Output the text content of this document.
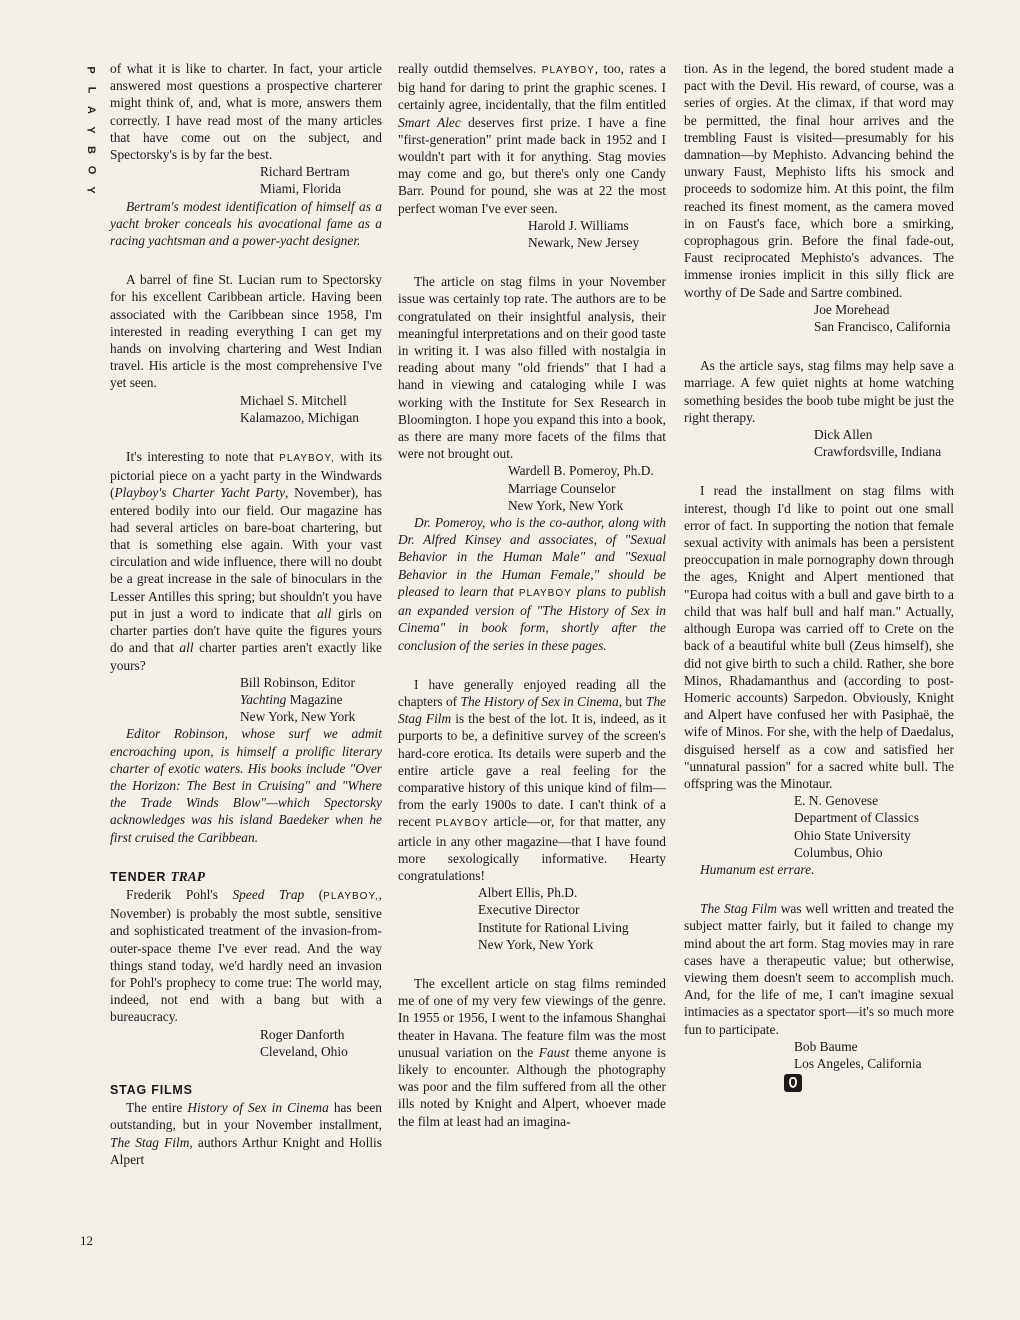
P
L
A
Y
B
O
Y
12

of what it is like to charter. In fact, your article answered most questions a prospective charterer might think of, and, what is more, answers them correctly. I have read most of the many articles that have come out on the subject, and Spectorsky's is by far the best.

Richard Bertram

Miami, Florida

Bertram's modest identification of himself as a yacht broker conceals his avocational fame as a racing yachtsman and a power-yacht designer.

A barrel of fine St. Lucian rum to Spectorsky for his excellent Caribbean article. Having been associated with the Caribbean since 1958, I'm interested in reading everything I can get my hands on involving chartering and West Indian travel. His article is the most comprehensive I've yet seen.

Michael S. Mitchell

Kalamazoo, Michigan

It's interesting to note that PLAYBOY, with its pictorial piece on a yacht party in the Windwards (Playboy's Charter Yacht Party, November), has entered bodily into our field. Our magazine has had several articles on bare-boat chartering, but that is something else again. With your vast circulation and wide influence, there will no doubt be a great increase in the sale of binoculars in the Lesser Antilles this spring; but shouldn't you have put in just a word to indicate that all girls on charter parties don't have quite the figures yours do and that all charter parties aren't exactly like yours?

Bill Robinson, Editor

Yachting Magazine

New York, New York

Editor Robinson, whose surf we admit encroaching upon, is himself a prolific literary charter of exotic waters. His books include "Over the Horizon: The Best in Cruising" and "Where the Trade Winds Blow"—which Spectorsky acknowledges was his island Baedeker when he first cruised the Caribbean.

TENDER TRAP

Frederik Pohl's Speed Trap (PLAYBOY,, November) is probably the most subtle, sensitive and sophisticated treatment of the invasion-from-outer-space theme I've ever read. And the way things stand today, we'd hardly need an invasion for Pohl's prophecy to come true: The world may, indeed, not end with a bang but with a bureaucracy.

Roger Danforth

Cleveland, Ohio

STAG FILMS

The entire History of Sex in Cinema has been outstanding, but in your November installment, The Stag Film, authors Arthur Knight and Hollis Alpert

really outdid themselves. PLAYBOY, too, rates a big hand for daring to print the graphic scenes. I certainly agree, incidentally, that the film entitled Smart Alec deserves first prize. I have a fine "first-generation" print made back in 1952 and I wouldn't part with it for anything. Stag movies may come and go, but there's only one Candy Barr. Pound for pound, she was at 22 the most perfect woman I've ever seen.

Harold J. Williams

Newark, New Jersey

The article on stag films in your November issue was certainly top rate. The authors are to be congratulated on their insightful analysis, their meaningful interpretations and on their good taste in writing it. I was also filled with nostalgia in reading about many "old friends" that I had a hand in viewing and cataloging while I was working with the Institute for Sex Research in Bloomington. I hope you expand this into a book, as there are many more facets of the films that were not brought out.

Wardell B. Pomeroy, Ph.D.

Marriage Counselor

New York, New York

Dr. Pomeroy, who is the co-author, along with Dr. Alfred Kinsey and associates, of "Sexual Behavior in the Human Male" and "Sexual Behavior in the Human Female," should be pleased to learn that PLAYBOY plans to publish an expanded version of "The History of Sex in Cinema" in book form, shortly after the conclusion of the series in these pages.

I have generally enjoyed reading all the chapters of The History of Sex in Cinema, but The Stag Film is the best of the lot. It is, indeed, as it purports to be, a definitive survey of the screen's hard-core erotica. Its details were superb and the entire article gave a real feeling for the comparative history of this unique kind of film—from the early 1900s to date. I can't think of a recent PLAYBOY article—or, for that matter, any article in any other magazine—that I have found more sexologically informative. Hearty congratulations!

Albert Ellis, Ph.D.

Executive Director

Institute for Rational Living

New York, New York

The excellent article on stag films reminded me of one of my very few viewings of the genre. In 1955 or 1956, I went to the infamous Shanghai theater in Havana. The feature film was the most unusual variation on the Faust theme anyone is likely to encounter. Although the photography was poor and the film suffered from all the other ills noted by Knight and Alpert, whoever made the film at least had an imagina-

tion. As in the legend, the bored student made a pact with the Devil. His reward, of course, was a series of orgies. At the climax, if that word may be permitted, the final hour arrives and the trembling Faust is visited—presumably for his damnation—by Mephisto. Advancing behind the unwary Faust, Mephisto lifts his smock and proceeds to sodomize him. At this point, the film reached its finest moment, as the camera moved in on Faust's face, which bore a smirking, coprophagous grin. Before the final fade-out, Faust reciprocated Mephisto's advances. The immense ironies implicit in this silly flick are worthy of De Sade and Sartre combined.

Joe Morehead

San Francisco, California

As the article says, stag films may help save a marriage. A few quiet nights at home watching something besides the boob tube might be just the right therapy.

Dick Allen

Crawfordsville, Indiana

I read the installment on stag films with interest, though I'd like to point out one small error of fact. In supporting the notion that female sexual activity with animals has been a persistent preoccupation in male pornography down through the ages, Knight and Alpert mentioned that "Europa had coitus with a bull and gave birth to a child that was half bull and half man." Actually, although Europa was carried off to Crete on the back of a beautiful white bull (Zeus himself), she did not give birth to such a child. Rather, she bore Minos, Rhadamanthus and (according to post-Homeric accounts) Sarpedon. Obviously, Knight and Alpert have confused her with Pasiphaë, the wife of Minos. For she, with the help of Daedalus, disguised herself as a cow and satisfied her "unnatural passion" for a sacred white bull. The offspring was the Minotaur.

E. N. Genovese

Department of Classics

Ohio State University

Columbus, Ohio

Humanum est errare.

The Stag Film was well written and treated the subject matter fairly, but it failed to change my mind about the art form. Stag movies may in rare cases have a therapeutic value; but otherwise, viewing them doesn't seem to accomplish much. And, for the life of me, I can't imagine sexual intimacies as a spectator sport—it's so much more fun to participate.

Bob Baume

Los Angeles, California
